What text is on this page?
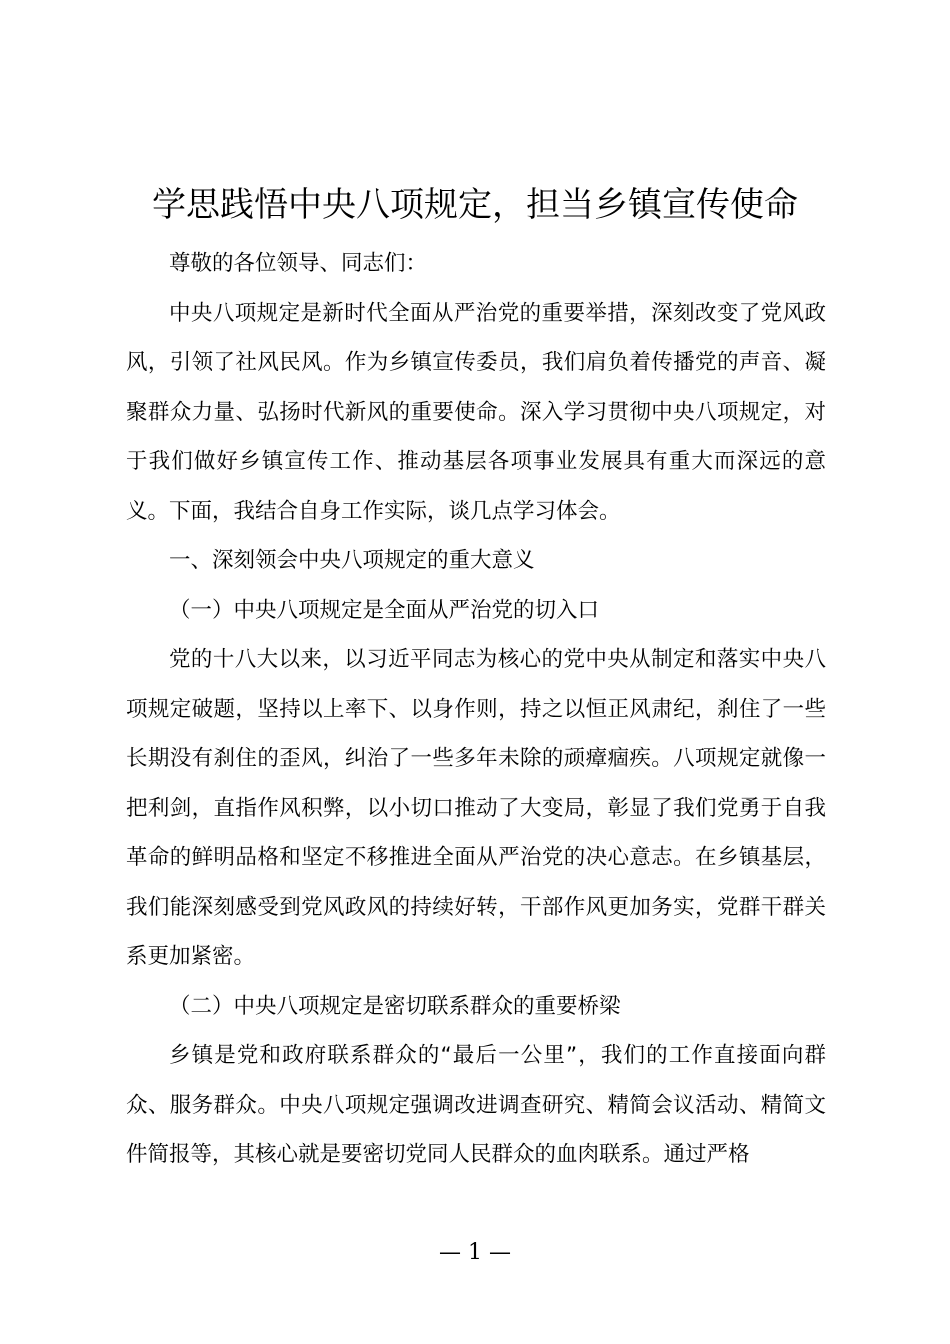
学思践悟中央八项规定，担当乡镇宣传使命

尊敬的各位领导、同志们：

中央八项规定是新时代全面从严治党的重要举措，深刻改变了党风政风，引领了社风民风。作为乡镇宣传委员，我们肩负着传播党的声音、凝聚群众力量、弘扬时代新风的重要使命。深入学习贯彻中央八项规定，对于我们做好乡镇宣传工作、推动基层各项事业发展具有重大而深远的意义。下面，我结合自身工作实际，谈几点学习体会。

一、深刻领会中央八项规定的重大意义

（一）中央八项规定是全面从严治党的切入口

党的十八大以来，以习近平同志为核心的党中央从制定和落实中央八项规定破题，坚持以上率下、以身作则，持之以恒正风肃纪，刹住了一些长期没有刹住的歪风，纠治了一些多年未除的顽瘴痼疾。八项规定就像一把利剑，直指作风积弊，以小切口推动了大变局，彰显了我们党勇于自我革命的鲜明品格和坚定不移推进全面从严治党的决心意志。在乡镇基层，我们能深刻感受到党风政风的持续好转，干部作风更加务实，党群干群关系更加紧密。

（二）中央八项规定是密切联系群众的重要桥梁

乡镇是党和政府联系群众的“最后一公里”，我们的工作直接面向群众、服务群众。中央八项规定强调改进调查研究、精简会议活动、精简文件简报等，其核心就是要密切党同人民群众的血肉联系。通过严格

— 1 —
